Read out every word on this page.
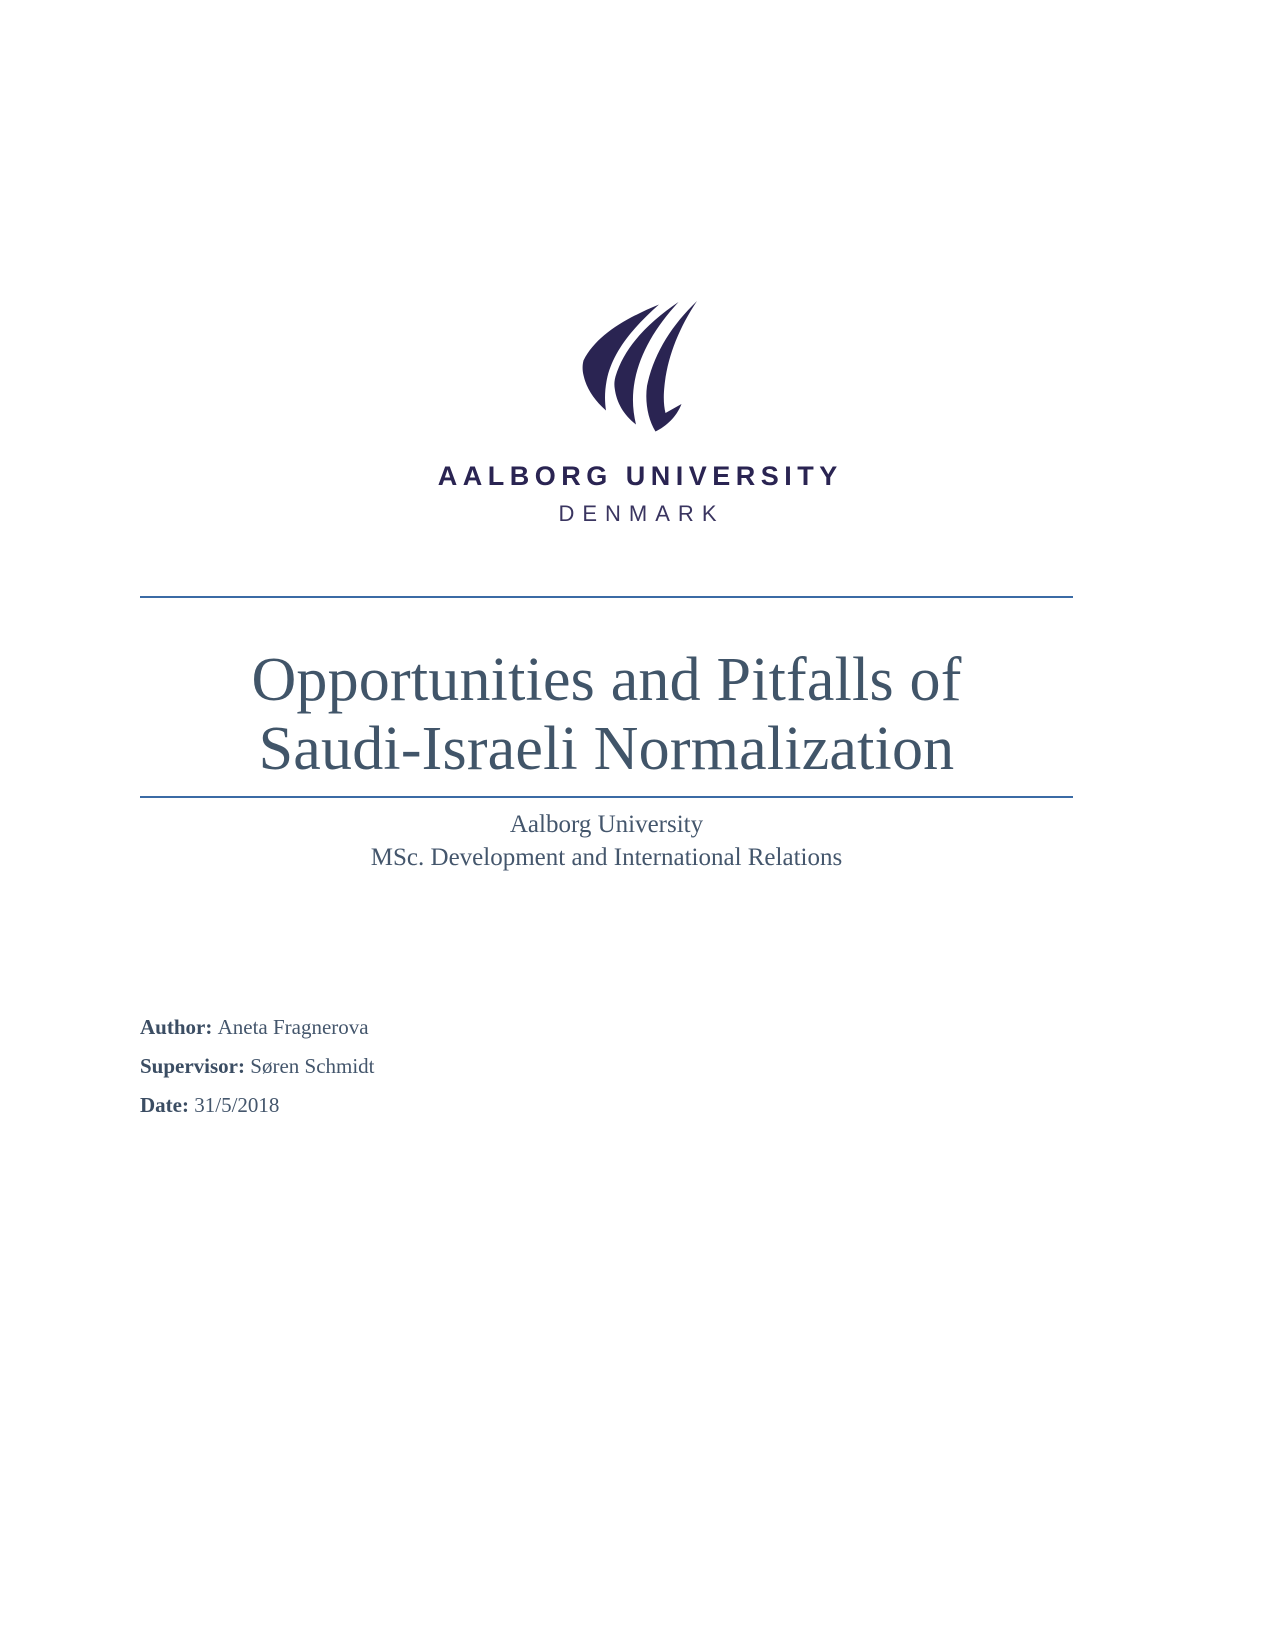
AALBORG UNIVERSITY
DENMARK
Opportunities and Pitfalls of
Saudi-Israeli Normalization
Aalborg University
MSc. Development and International Relations
Author: Aneta Fragnerova
Supervisor: Søren Schmidt
Date: 31/5/2018
